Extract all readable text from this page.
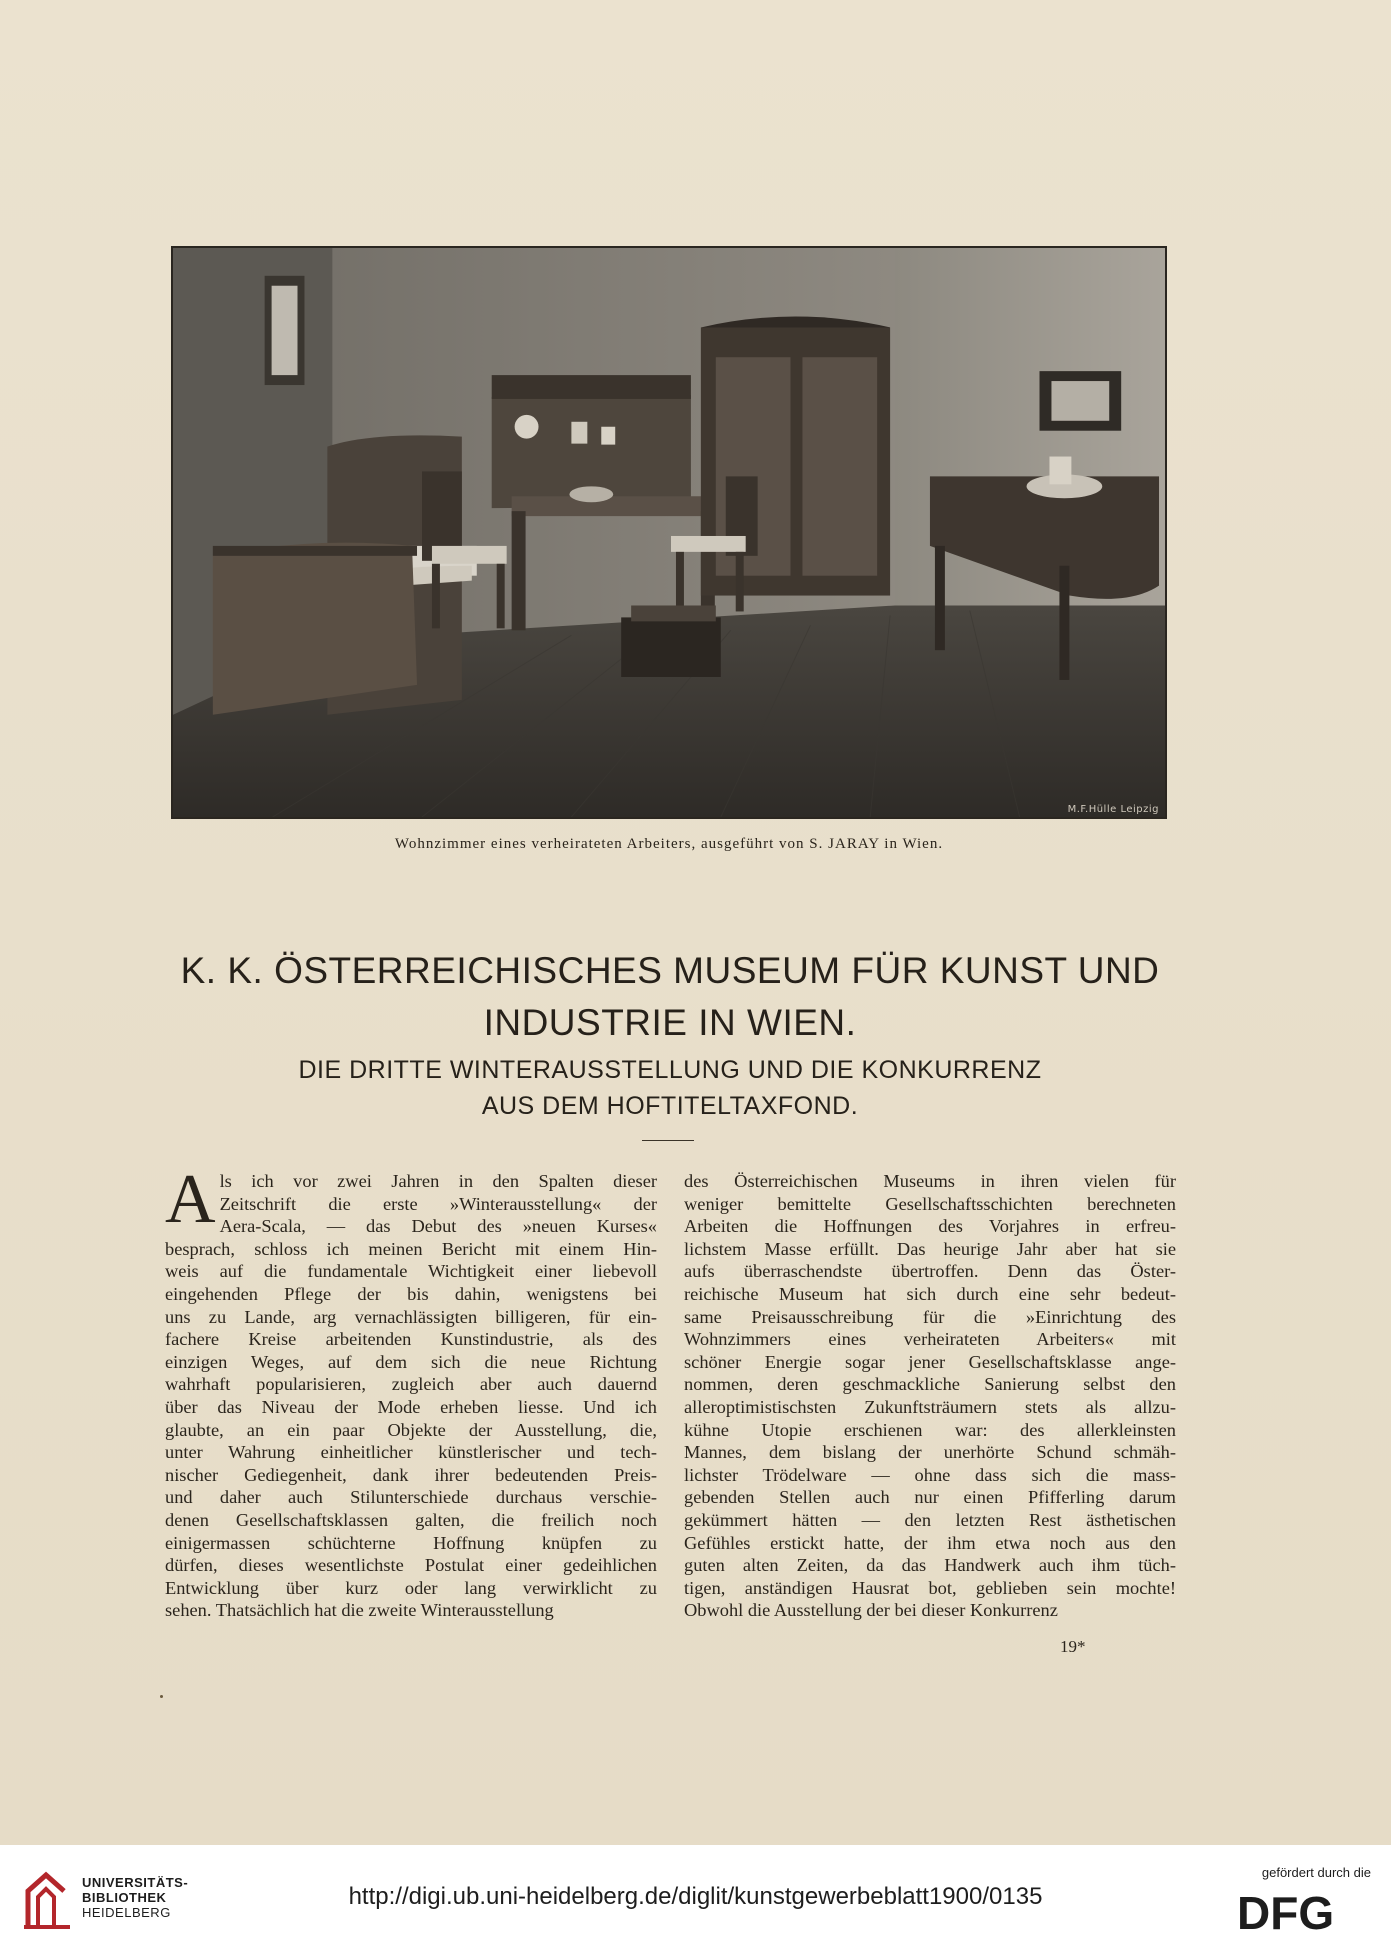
M.F.Hülle Leipzig
Wohnzimmer eines verheirateten Arbeiters, ausgeführt von S. JARAY in Wien.
K. K. ÖSTERREICHISCHES MUSEUM FÜR KUNST UND
INDUSTRIE IN WIEN.
DIE DRITTE WINTERAUSSTELLUNG UND DIE KONKURRENZ
AUS DEM HOFTITELTAXFOND.
A ls ich vor zwei Jahren in den Spalten dieser
Zeitschrift die erste »Winterausstellung« der
Aera-Scala, — das Debut des »neuen Kurses«
besprach, schloss ich meinen Bericht mit einem Hin-
weis auf die fundamentale Wichtigkeit einer liebevoll
eingehenden Pflege der bis dahin, wenigstens bei
uns zu Lande, arg vernachlässigten billigeren, für ein-
fachere Kreise arbeitenden Kunstindustrie, als des
einzigen Weges, auf dem sich die neue Richtung
wahrhaft popularisieren, zugleich aber auch dauernd
über das Niveau der Mode erheben liesse. Und ich
glaubte, an ein paar Objekte der Ausstellung, die,
unter Wahrung einheitlicher künstlerischer und tech-
nischer Gediegenheit, dank ihrer bedeutenden Preis-
und daher auch Stilunterschiede durchaus verschie-
denen Gesellschaftsklassen galten, die freilich noch
einigermassen schüchterne Hoffnung knüpfen zu
dürfen, dieses wesentlichste Postulat einer gedeihlichen
Entwicklung über kurz oder lang verwirklicht zu
sehen. Thatsächlich hat die zweite Winterausstellung
des Österreichischen Museums in ihren vielen für
weniger bemittelte Gesellschaftsschichten berechneten
Arbeiten die Hoffnungen des Vorjahres in erfreu-
lichstem Masse erfüllt. Das heurige Jahr aber hat sie
aufs überraschendste übertroffen. Denn das Öster-
reichische Museum hat sich durch eine sehr bedeut-
same Preisausschreibung für die »Einrichtung des
Wohnzimmers eines verheirateten Arbeiters« mit
schöner Energie sogar jener Gesellschaftsklasse ange-
nommen, deren geschmackliche Sanierung selbst den
alleroptimistischsten Zukunftsträumern stets als allzu-
kühne Utopie erschienen war: des allerkleinsten
Mannes, dem bislang der unerhörte Schund schmäh-
lichster Trödelware — ohne dass sich die mass-
gebenden Stellen auch nur einen Pfifferling darum
gekümmert hätten — den letzten Rest ästhetischen
Gefühles erstickt hatte, der ihm etwa noch aus den
guten alten Zeiten, da das Handwerk auch ihm tüch-
tigen, anständigen Hausrat bot, geblieben sein mochte!
Obwohl die Ausstellung der bei dieser Konkurrenz
19*
UNIVERSITÄTS-
BIBLIOTHEK
HEIDELBERG
http://digi.ub.uni-heidelberg.de/diglit/kunstgewerbeblatt1900/0135
gefördert durch die
DFG
